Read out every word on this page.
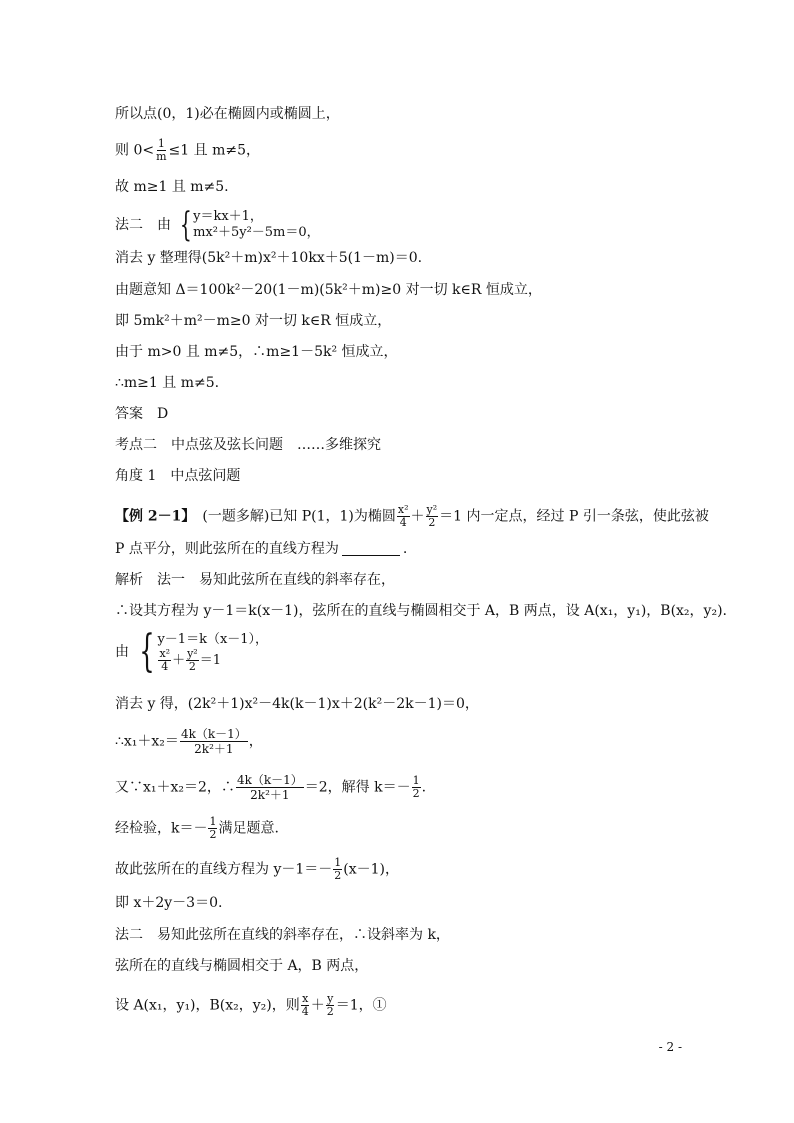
所以点(0，1)必在椭圆内或椭圆上，
则 $0< \frac{1}{m} \le 1$ 且 m≠5，
故 m≥1 且 m≠5.
法二　由 { y＝kx＋1，
mx²＋5y²－5m＝0，
消去 y 整理得(5k²＋m)x²＋10kx＋5(1－m)＝0.
由题意知 Δ＝100k²－20(1－m)(5k²＋m)≥0 对一切 k∈R 恒成立，
即 5mk²＋m²－m≥0 对一切 k∈R 恒成立，
由于 m>0 且 m≠5，∴m≥1－5k² 恒成立，
∴m≥1 且 m≠5.
答案　D
考点二　中点弦及弦长问题　……多维探究
角度 1　中点弦问题
【例 2－1】　 (一题多解)已知 P(1，1)为椭圆 $\frac{\text{x²}}{4} + \frac{\text{y²}}{2} =1$ 内一定点，经过 P 引一条弦，使此弦被
P 点平分，则此弦所在的直线方程为	.
解析　法一　易知此弦所在直线的斜率存在，
∴设其方程为 y－1＝k(x－1)，弦所在的直线与椭圆相交于 A，B 两点，设 A(x₁，y₁)，B(x₂，y₂).
由 { y－1＝k（x－1），
$\frac{\text{x²}}{4} + \frac{\text{y²}}{2} =1$
消去 y 得，(2k²＋1)x²－4k(k－1)x＋2(k²－2k－1)＝0，
∴x₁＋x₂＝ $\frac{4k(k-1)}{\text{2k²＋1}}$ ，
又∵x₁＋x₂＝2，∴ $\frac{4k(k-1)}{\text{2k²＋1}} =2$，解得 $k=- \frac{1}{2}$ .
经检验，$k=- \frac{1}{2}$ 满足题意.
故此弦所在的直线方程为 $y-1=- \frac{1}{2} (x-1)$，
即 x＋2y－3＝0.
法二　易知此弦所在直线的斜率存在，∴设斜率为 k，
弦所在的直线与椭圆相交于 A，B 两点，
设 A(x₁，y₁)，B(x₂，y₂)，则 $\frac{x}{4} + \frac{y}{2} =1$，①
- 2 -
